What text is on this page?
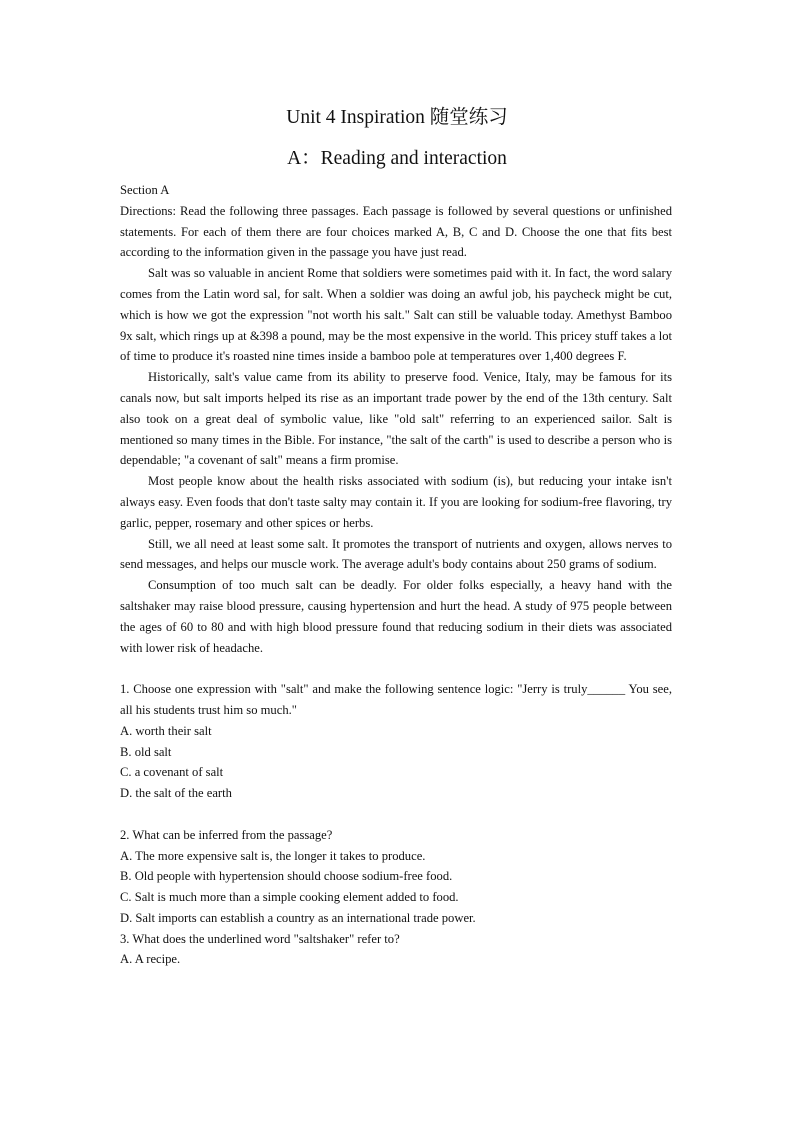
Unit 4 Inspiration 随堂练习
A：Reading and interaction

Section A

Directions: Read the following three passages. Each passage is followed by several questions or unfinished statements. For each of them there are four choices marked A, B, C and D. Choose the one that fits best according to the information given in the passage you have just read.

Salt was so valuable in ancient Rome that soldiers were sometimes paid with it. In fact, the word salary comes from the Latin word sal, for salt. When a soldier was doing an awful job, his paycheck might be cut, which is how we got the expression "not worth his salt." Salt can still be valuable today. Amethyst Bamboo 9x salt, which rings up at &398 a pound, may be the most expensive in the world. This pricey stuff takes a lot of time to produce it's roasted nine times inside a bamboo pole at temperatures over 1,400 degrees F.

Historically, salt's value came from its ability to preserve food. Venice, Italy, may be famous for its canals now, but salt imports helped its rise as an important trade power by the end of the 13th century. Salt also took on a great deal of symbolic value, like "old salt" referring to an experienced sailor. Salt is mentioned so many times in the Bible. For instance, "the salt of the carth" is used to describe a person who is dependable; "a covenant of salt" means a firm promise.

Most people know about the health risks associated with sodium (is), but reducing your intake isn't always easy. Even foods that don't taste salty may contain it. If you are looking for sodium-free flavoring, try garlic, pepper, rosemary and other spices or herbs.

Still, we all need at least some salt. It promotes the transport of nutrients and oxygen, allows nerves to send messages, and helps our muscle work. The average adult's body contains about 250 grams of sodium.

Consumption of too much salt can be deadly. For older folks especially, a heavy hand with the saltshaker may raise blood pressure, causing hypertension and hurt the head. A study of 975 people between the ages of 60 to 80 and with high blood pressure found that reducing sodium in their diets was associated with lower risk of headache.

1. Choose one expression with "salt" and make the following sentence logic: "Jerry is truly______ You see, all his students trust him so much."

A. worth their salt

B. old salt

C. a covenant of salt

D. the salt of the earth

2. What can be inferred from the passage?

A. The more expensive salt is, the longer it takes to produce.

B. Old people with hypertension should choose sodium-free food.

C. Salt is much more than a simple cooking element added to food.

D. Salt imports can establish a country as an international trade power.

3. What does the underlined word "saltshaker" refer to?

A. A recipe.
